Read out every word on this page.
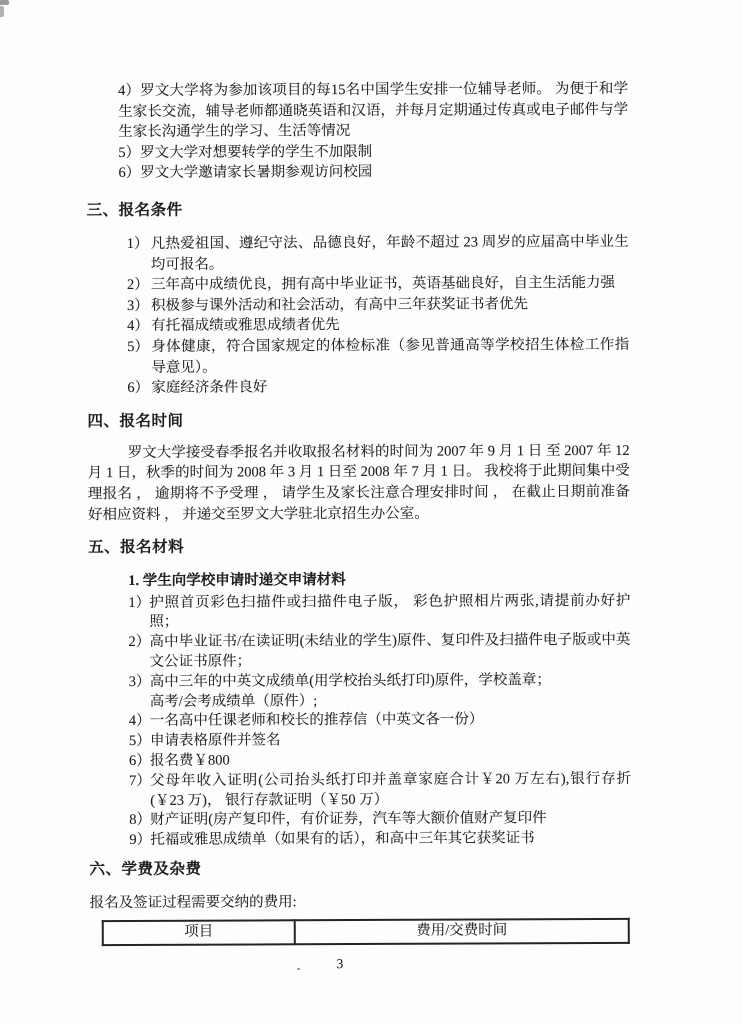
4）罗文大学将为参加该项目的每15名中国学生安排一位辅导老师。 为便于和学生家长交流，辅导老师都通晓英语和汉语，并每月定期通过传真或电子邮件与学生家长沟通学生的学习、生活等情况
5）罗文大学对想要转学的学生不加限制
6）罗文大学邀请家长暑期参观访问校园
三、报名条件
1） 凡热爱祖国、遵纪守法、品德良好，年龄不超过 23 周岁的应届高中毕业生均可报名。
2） 三年高中成绩优良，拥有高中毕业证书，英语基础良好，自主生活能力强
3） 积极参与课外活动和社会活动，有高中三年获奖证书者优先
4） 有托福成绩或雅思成绩者优先
5） 身体健康，符合国家规定的体检标准（参见普通高等学校招生体检工作指导意见）。
6） 家庭经济条件良好
四、报名时间
罗文大学接受春季报名并收取报名材料的时间为 2007 年 9 月 1 日 至 2007 年 12 月 1 日，秋季的时间为 2008 年 3 月 1 日至 2008 年 7 月 1 日。 我校将于此期间集中受理报名 ， 逾期将不予受理 ， 请学生及家长注意合理安排时间 ， 在截止日期前准备好相应资料 ， 并递交至罗文大学驻北京招生办公室。
五、报名材料
1. 学生向学校申请时递交申请材料
1） 护照首页彩色扫描件或扫描件电子版， 彩色护照相片两张,请提前办好护照；
2） 高中毕业证书/在读证明(未结业的学生)原件、复印件及扫描件电子版或中英文公证书原件；
3） 高中三年的中英文成绩单(用学校抬头纸打印)原件，学校盖章；
高考/会考成绩单（原件）;
4） 一名高中任课老师和校长的推荐信（中英文各一份）
5） 申请表格原件并签名
6） 报名费￥800
7） 父母年收入证明(公司抬头纸打印并盖章家庭合计￥20 万左右),银行存折(￥23 万)， 银行存款证明（￥50 万）
8） 财产证明(房产复印件，有价证券，汽车等大额价值财产复印件
9） 托福或雅思成绩单（如果有的话），和高中三年其它获奖证书
六、学费及杂费
报名及签证过程需要交纳的费用:
项目	费用/交费时间
3
